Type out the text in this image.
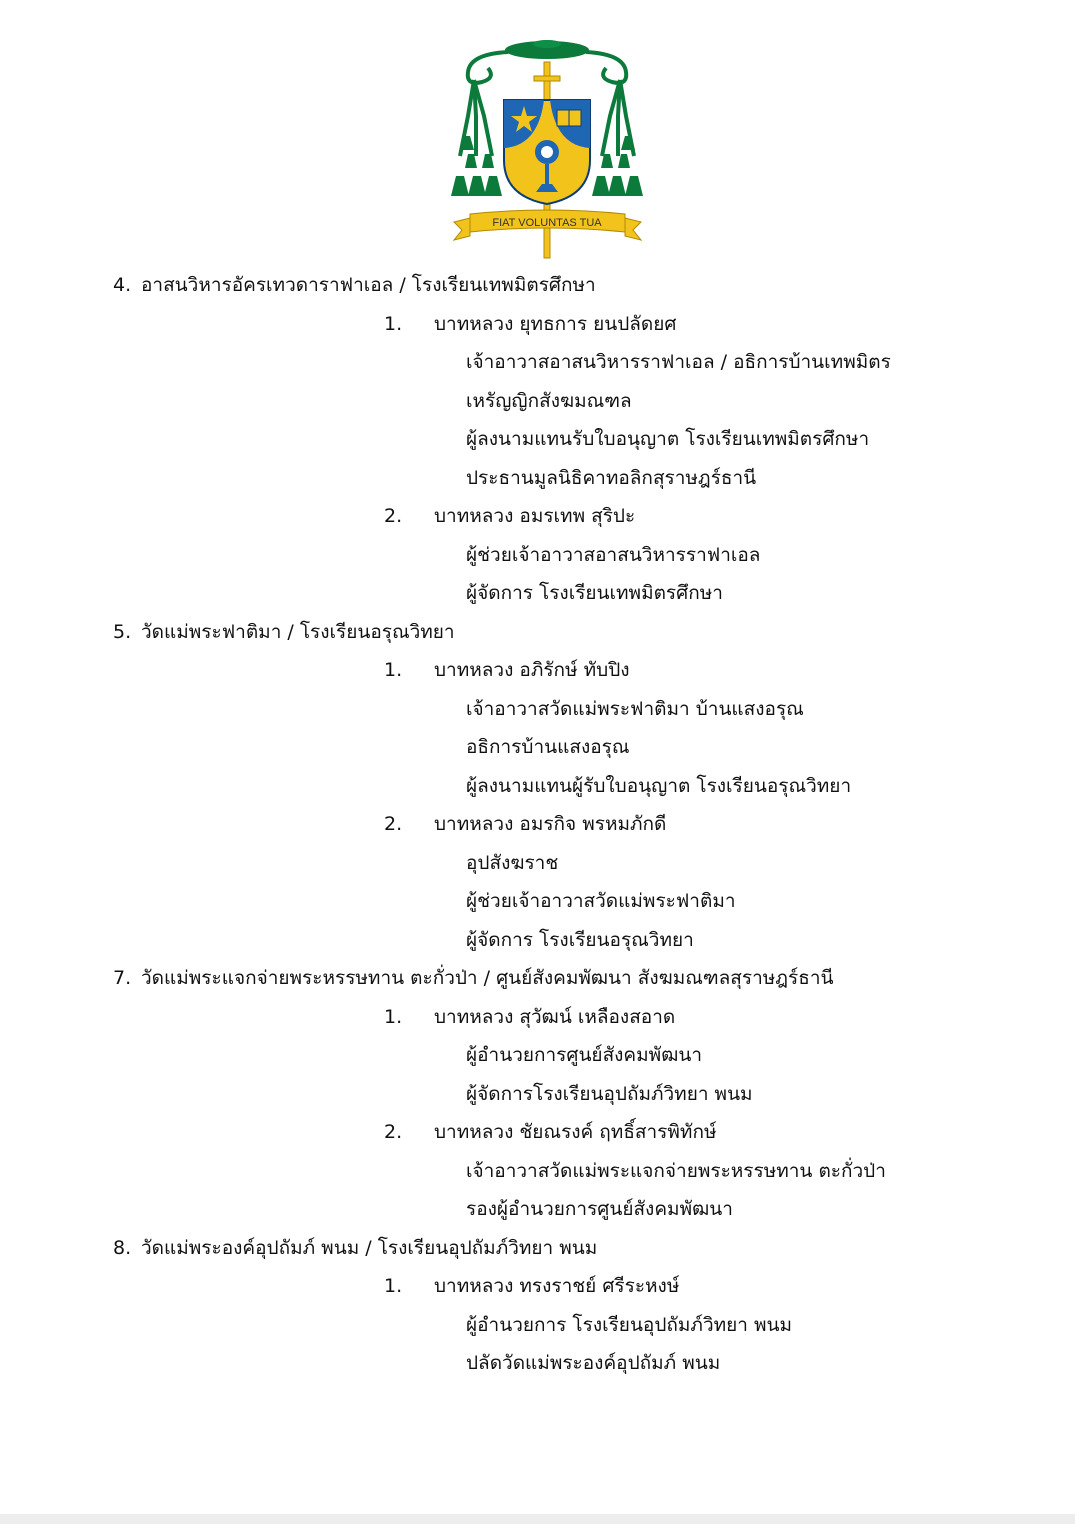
FIAT VOLUNTAS TUA
4. อาสนวิหารอัครเทวดาราฟาเอล / โรงเรียนเทพมิตรศึกษา
1. บาทหลวง ยุทธการ ยนปลัดยศ
เจ้าอาวาสอาสนวิหารราฟาเอล / อธิการบ้านเทพมิตร
เหรัญญิกสังฆมณฑล
ผู้ลงนามแทนรับใบอนุญาต โรงเรียนเทพมิตรศึกษา
ประธานมูลนิธิคาทอลิกสุราษฎร์ธานี
2. บาทหลวง อมรเทพ สุริปะ
ผู้ช่วยเจ้าอาวาสอาสนวิหารราฟาเอล
ผู้จัดการ โรงเรียนเทพมิตรศึกษา
5. วัดแม่พระฟาติมา / โรงเรียนอรุณวิทยา
1. บาทหลวง อภิรักษ์ ทับปิง
เจ้าอาวาสวัดแม่พระฟาติมา บ้านแสงอรุณ
อธิการบ้านแสงอรุณ
ผู้ลงนามแทนผู้รับใบอนุญาต โรงเรียนอรุณวิทยา
2. บาทหลวง อมรกิจ พรหมภักดี
อุปสังฆราช
ผู้ช่วยเจ้าอาวาสวัดแม่พระฟาติมา
ผู้จัดการ โรงเรียนอรุณวิทยา
7. วัดแม่พระแจกจ่ายพระหรรษทาน ตะกั่วป่า / ศูนย์สังคมพัฒนา สังฆมณฑลสุราษฎร์ธานี
1. บาทหลวง สุวัฒน์ เหลืองสอาด
ผู้อำนวยการศูนย์สังคมพัฒนา
ผู้จัดการโรงเรียนอุปถัมภ์วิทยา พนม
2. บาทหลวง ชัยณรงค์ ฤทธิ์สารพิทักษ์
เจ้าอาวาสวัดแม่พระแจกจ่ายพระหรรษทาน ตะกั่วป่า
รองผู้อำนวยการศูนย์สังคมพัฒนา
8. วัดแม่พระองค์อุปถัมภ์ พนม / โรงเรียนอุปถัมภ์วิทยา พนม
1. บาทหลวง ทรงราชย์ ศรีระหงษ์
ผู้อำนวยการ โรงเรียนอุปถัมภ์วิทยา พนม
ปลัดวัดแม่พระองค์อุปถัมภ์ พนม
